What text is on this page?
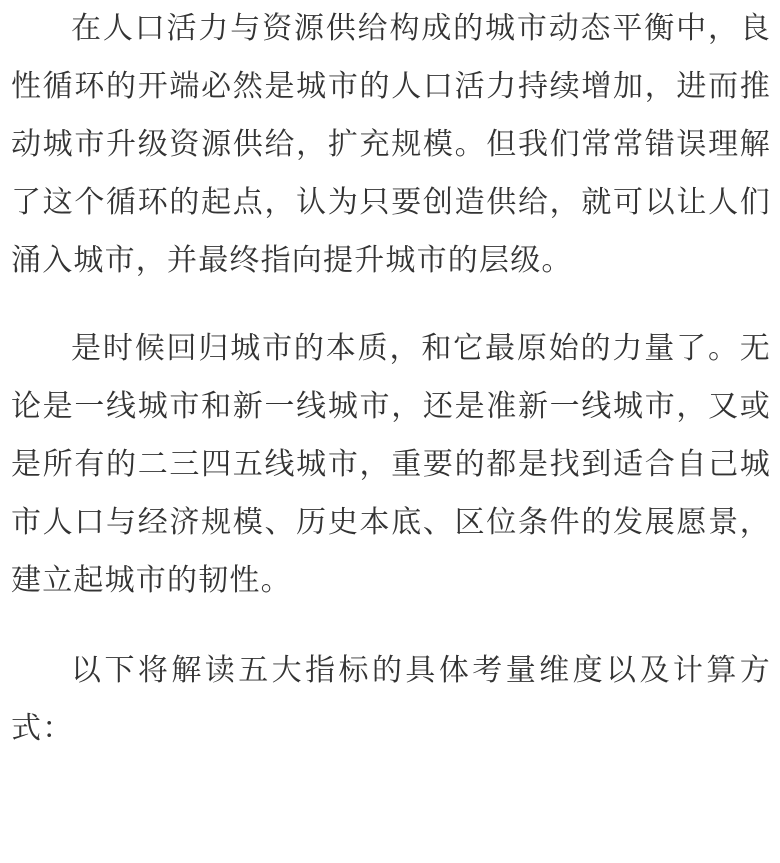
在人口活力与资源供给构成的城市动态平衡中，良性循环的开端必然是城市的人口活力持续增加，进而推动城市升级资源供给，扩充规模。但我们常常错误理解了这个循环的起点，认为只要创造供给，就可以让人们涌入城市，并最终指向提升城市的层级。

是时候回归城市的本质，和它最原始的力量了。无论是一线城市和新一线城市，还是准新一线城市，又或是所有的二三四五线城市，重要的都是找到适合自己城市人口与经济规模、历史本底、区位条件的发展愿景，建立起城市的韧性。

以下将解读五大指标的具体考量维度以及计算方式：
